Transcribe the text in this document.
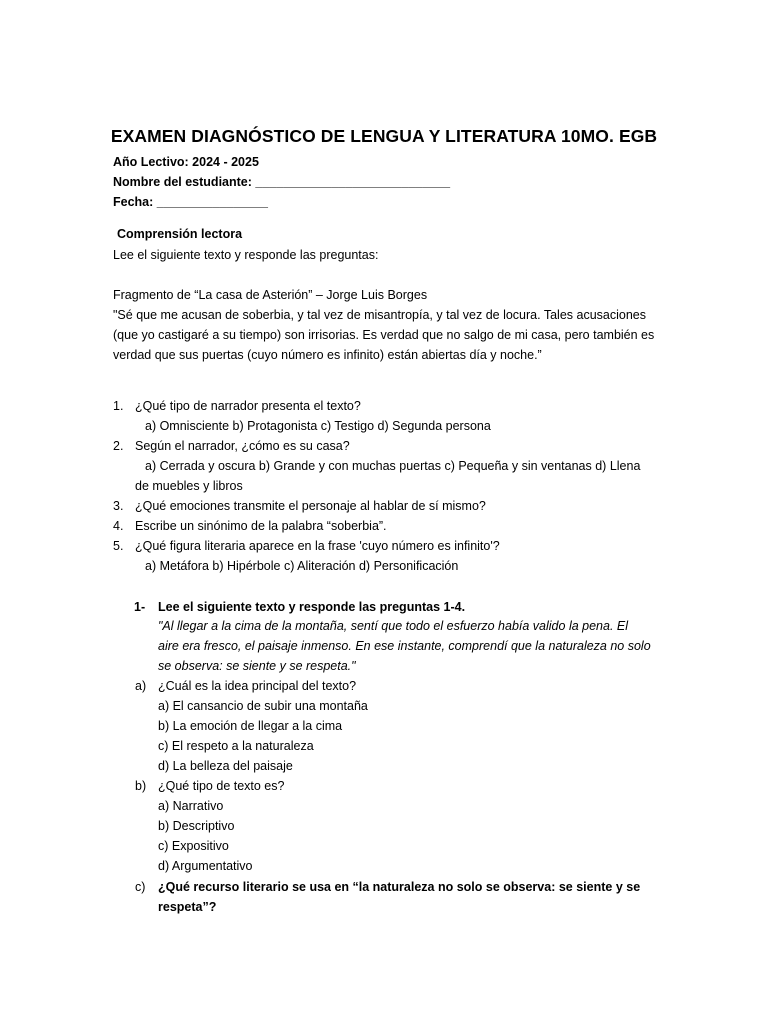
EXAMEN DIAGNÓSTICO DE LENGUA Y LITERATURA 10MO. EGB
Año Lectivo: 2024 - 2025
Nombre del estudiante: ____________________________
Fecha: ________________
Comprensión lectora
Lee el siguiente texto y responde las preguntas:
Fragmento de “La casa de Asterión” – Jorge Luis Borges
"Sé que me acusan de soberbia, y tal vez de misantropía, y tal vez de locura. Tales acusaciones
(que yo castigaré a su tiempo) son irrisorias. Es verdad que no salgo de mi casa, pero también es
verdad que sus puertas (cuyo número es infinito) están abiertas día y noche.”
1. ¿Qué tipo de narrador presenta el texto?
a) Omnisciente b) Protagonista c) Testigo d) Segunda persona
2. Según el narrador, ¿cómo es su casa?
a) Cerrada y oscura b) Grande y con muchas puertas c) Pequeña y sin ventanas d) Llena
de muebles y libros
3. ¿Qué emociones transmite el personaje al hablar de sí mismo?
4. Escribe un sinónimo de la palabra “soberbia”.
5. ¿Qué figura literaria aparece en la frase 'cuyo número es infinito'?
a) Metáfora b) Hipérbole c) Aliteración d) Personificación
1- Lee el siguiente texto y responde las preguntas 1-4.
"Al llegar a la cima de la montaña, sentí que todo el esfuerzo había valido la pena. El
aire era fresco, el paisaje inmenso. En ese instante, comprendí que la naturaleza no solo
se observa: se siente y se respeta."
a) ¿Cuál es la idea principal del texto?
a) El cansancio de subir una montaña
b) La emoción de llegar a la cima
c) El respeto a la naturaleza
d) La belleza del paisaje
b) ¿Qué tipo de texto es?
a) Narrativo
b) Descriptivo
c) Expositivo
d) Argumentativo
c) ¿Qué recurso literario se usa en “la naturaleza no solo se observa: se siente y se
respeta”?
